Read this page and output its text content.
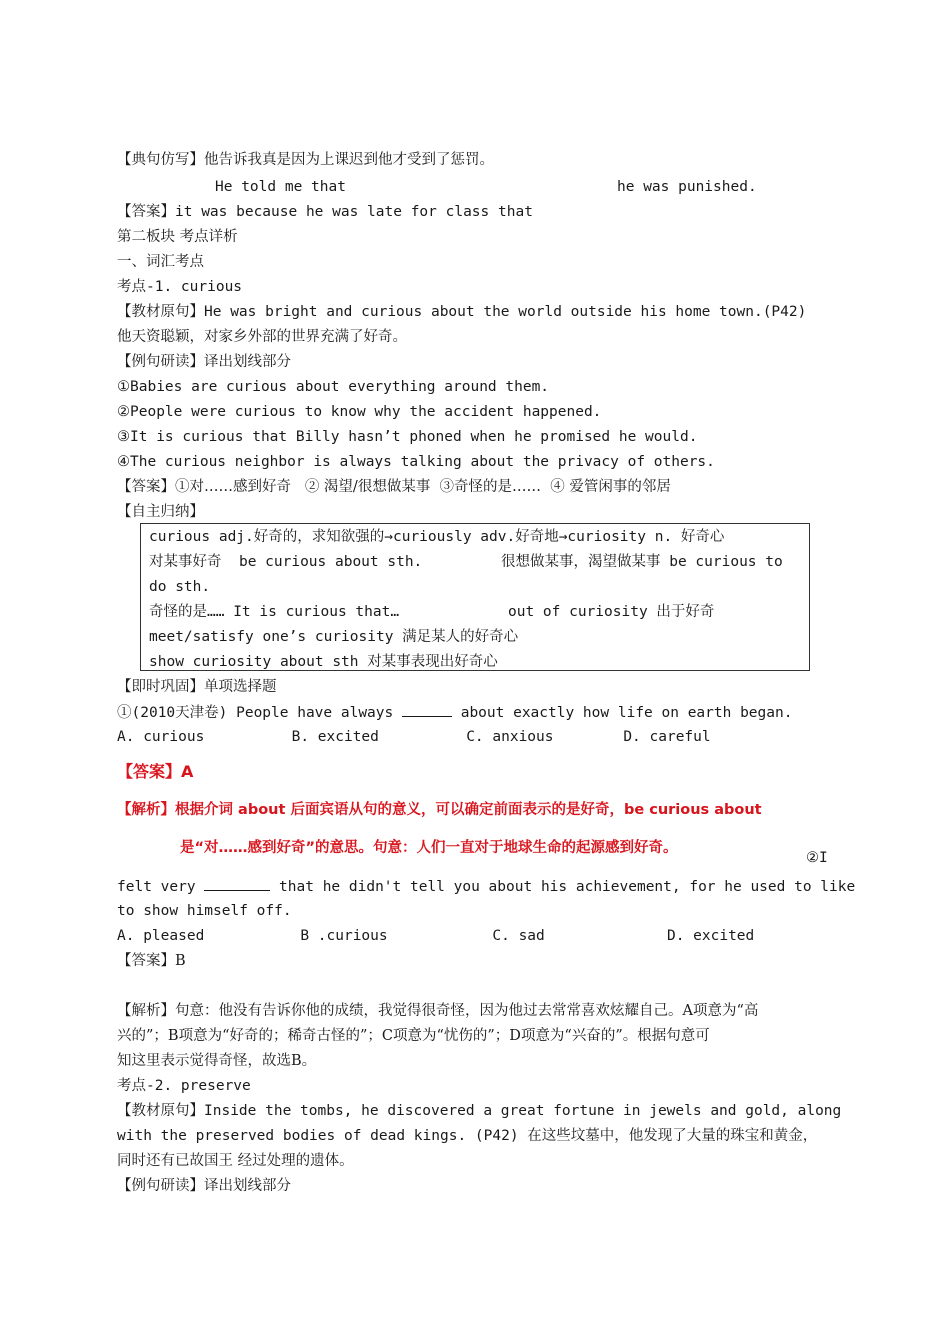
【典句仿写】他告诉我真是因为上课迟到他才受到了惩罚。
He told me that	he was punished.
【答案】it was because he was late for class that
第二板块 考点详析
一、词汇考点
考点-1. curious
【教材原句】He was bright and curious about the world outside his home town.(P42)
他天资聪颖，对家乡外部的世界充满了好奇。
【例句研读】译出划线部分
①Babies are curious about everything around them.
②People were curious to know why the accident happened.
③It is curious that Billy hasn’t phoned when he promised he would.
④The curious neighbor is always talking about the privacy of others.
【答案】①对……感到好奇   ② 渴望/很想做某事  ③奇怪的是……  ④ 爱管闲事的邻居
【自主归纳】
curious adj.好奇的，求知欲强的→curiously adv.好奇地→curiosity n. 好奇心
对某事好奇  be curious about sth.	很想做某事，渴望做某事 be curious to
do sth.
奇怪的是…… It is curious that…	out of curiosity 出于好奇
meet/satisfy one’s curiosity 满足某人的好奇心
show curiosity about sth 对某事表现出好奇心
【即时巩固】单项选择题
①(2010天津卷) People have always	about exactly how life on earth began.
A. curious          B. excited          C. anxious        D. careful
【答案】A
【解析】根据介词 about 后面宾语从句的意义，可以确定前面表示的是好奇，be curious about
是“对……感到好奇”的意思。句意：人们一直对于地球生命的起源感到好奇。
②I
felt very	that he didn't tell you about his achievement, for he used to like
to show himself off.
A. pleased           B .curious            C. sad              D. excited
【答案】B
【解析】句意：他没有告诉你他的成绩，我觉得很奇怪，因为他过去常常喜欢炫耀自己。A项意为“高
兴的”；B项意为“好奇的；稀奇古怪的”；C项意为“忧伤的”；D项意为“兴奋的”。根据句意可
知这里表示觉得奇怪，故选B。
考点-2. preserve
【教材原句】Inside the tombs, he discovered a great fortune in jewels and gold, along
with the preserved bodies of dead kings. (P42) 在这些坟墓中，他发现了大量的珠宝和黄金，
同时还有已故国王 经过处理的遗体。
【例句研读】译出划线部分
